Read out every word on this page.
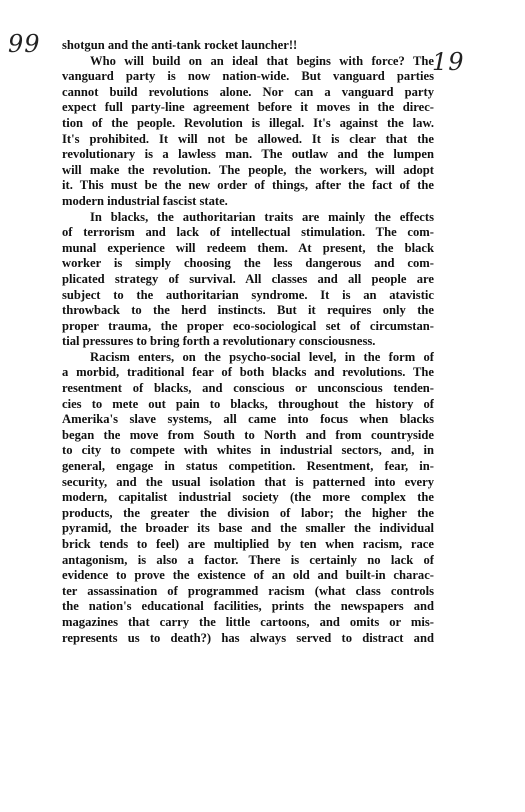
99
19
shotgun and the anti-tank rocket launcher!!
Who will build on an ideal that begins with force? The
vanguard party is now nation-wide. But vanguard parties
cannot build revolutions alone. Nor can a vanguard party
expect full party-line agreement before it moves in the direc-
tion of the people. Revolution is illegal. It's against the law.
It's prohibited. It will not be allowed. It is clear that the
revolutionary is a lawless man. The outlaw and the lumpen
will make the revolution. The people, the workers, will adopt
it. This must be the new order of things, after the fact of the
modern industrial fascist state.
In blacks, the authoritarian traits are mainly the effects
of terrorism and lack of intellectual stimulation. The com-
munal experience will redeem them. At present, the black
worker is simply choosing the less dangerous and com-
plicated strategy of survival. All classes and all people are
subject to the authoritarian syndrome. It is an atavistic
throwback to the herd instincts. But it requires only the
proper trauma, the proper eco-sociological set of circumstan-
tial pressures to bring forth a revolutionary consciousness.
Racism enters, on the psycho-social level, in the form of
a morbid, traditional fear of both blacks and revolutions. The
resentment of blacks, and conscious or unconscious tenden-
cies to mete out pain to blacks, throughout the history of
Amerika's slave systems, all came into focus when blacks
began the move from South to North and from countryside
to city to compete with whites in industrial sectors, and, in
general, engage in status competition. Resentment, fear, in-
security, and the usual isolation that is patterned into every
modern, capitalist industrial society (the more complex the
products, the greater the division of labor; the higher the
pyramid, the broader its base and the smaller the individual
brick tends to feel) are multiplied by ten when racism, race
antagonism, is also a factor. There is certainly no lack of
evidence to prove the existence of an old and built-in charac-
ter assassination of programmed racism (what class controls
the nation's educational facilities, prints the newspapers and
magazines that carry the little cartoons, and omits or mis-
represents us to death?) has always served to distract and
